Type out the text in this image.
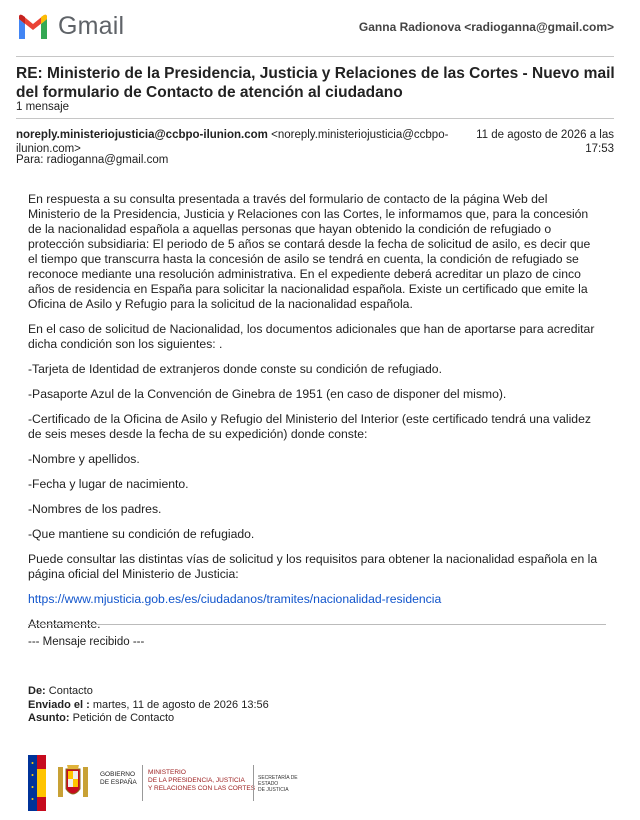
Gmail	Ganna Radionova <radioganna@gmail.com>
RE: Ministerio de la Presidencia, Justicia y Relaciones de las Cortes - Nuevo mail del formulario de Contacto de atención al ciudadano
1 mensaje
noreply.ministeriojusticia@ccbpo-ilunion.com <noreply.ministeriojusticia@ccbpo-ilunion.com>
11 de agosto de 2026 a las 17:53
Para: radioganna@gmail.com

En respuesta a su consulta presentada a través del formulario de contacto de la página Web del Ministerio de la Presidencia, Justicia y Relaciones con las Cortes, le informamos que, para la concesión de la nacionalidad española a aquellas personas que hayan obtenido la condición de refugiado o protección subsidiaria: El periodo de 5 años se contará desde la fecha de solicitud de asilo, es decir que el tiempo que transcurra hasta la concesión de asilo se tendrá en cuenta, la condición de refugiado se reconoce mediante una resolución administrativa. En el expediente deberá acreditar un plazo de cinco años de residencia en España para solicitar la nacionalidad española. Existe un certificado que emite la Oficina de Asilo y Refugio para la solicitud de la nacionalidad española.

En el caso de solicitud de Nacionalidad, los documentos adicionales que han de aportarse para acreditar dicha condición son los siguientes: .

-Tarjeta de Identidad de extranjeros donde conste su condición de refugiado.

-Pasaporte Azul de la Convención de Ginebra de 1951 (en caso de disponer del mismo).

-Certificado de la Oficina de Asilo y Refugio del Ministerio del Interior (este certificado tendrá una validez de seis meses desde la fecha de su expedición) donde conste:

-Nombre y apellidos.

-Fecha y lugar de nacimiento.

-Nombres de los padres.

-Que mantiene su condición de refugiado.

Puede consultar las distintas vías de solicitud y los requisitos para obtener la nacionalidad española en la página oficial del Ministerio de Justicia:

https://www.mjusticia.gob.es/es/ciudadanos/tramites/nacionalidad-residencia

Atentamente.

--- Mensaje recibido ---
De: Contacto
Enviado el : martes, 11 de agosto de 2026 13:56
Asunto: Petición de Contacto
GOBIERNO
DE ESPAÑA
MINISTERIO
DE LA PRESIDENCIA, JUSTICIA
Y RELACIONES CON LAS CORTES
SECRETARÍA DE ESTADO
DE JUSTICIA
